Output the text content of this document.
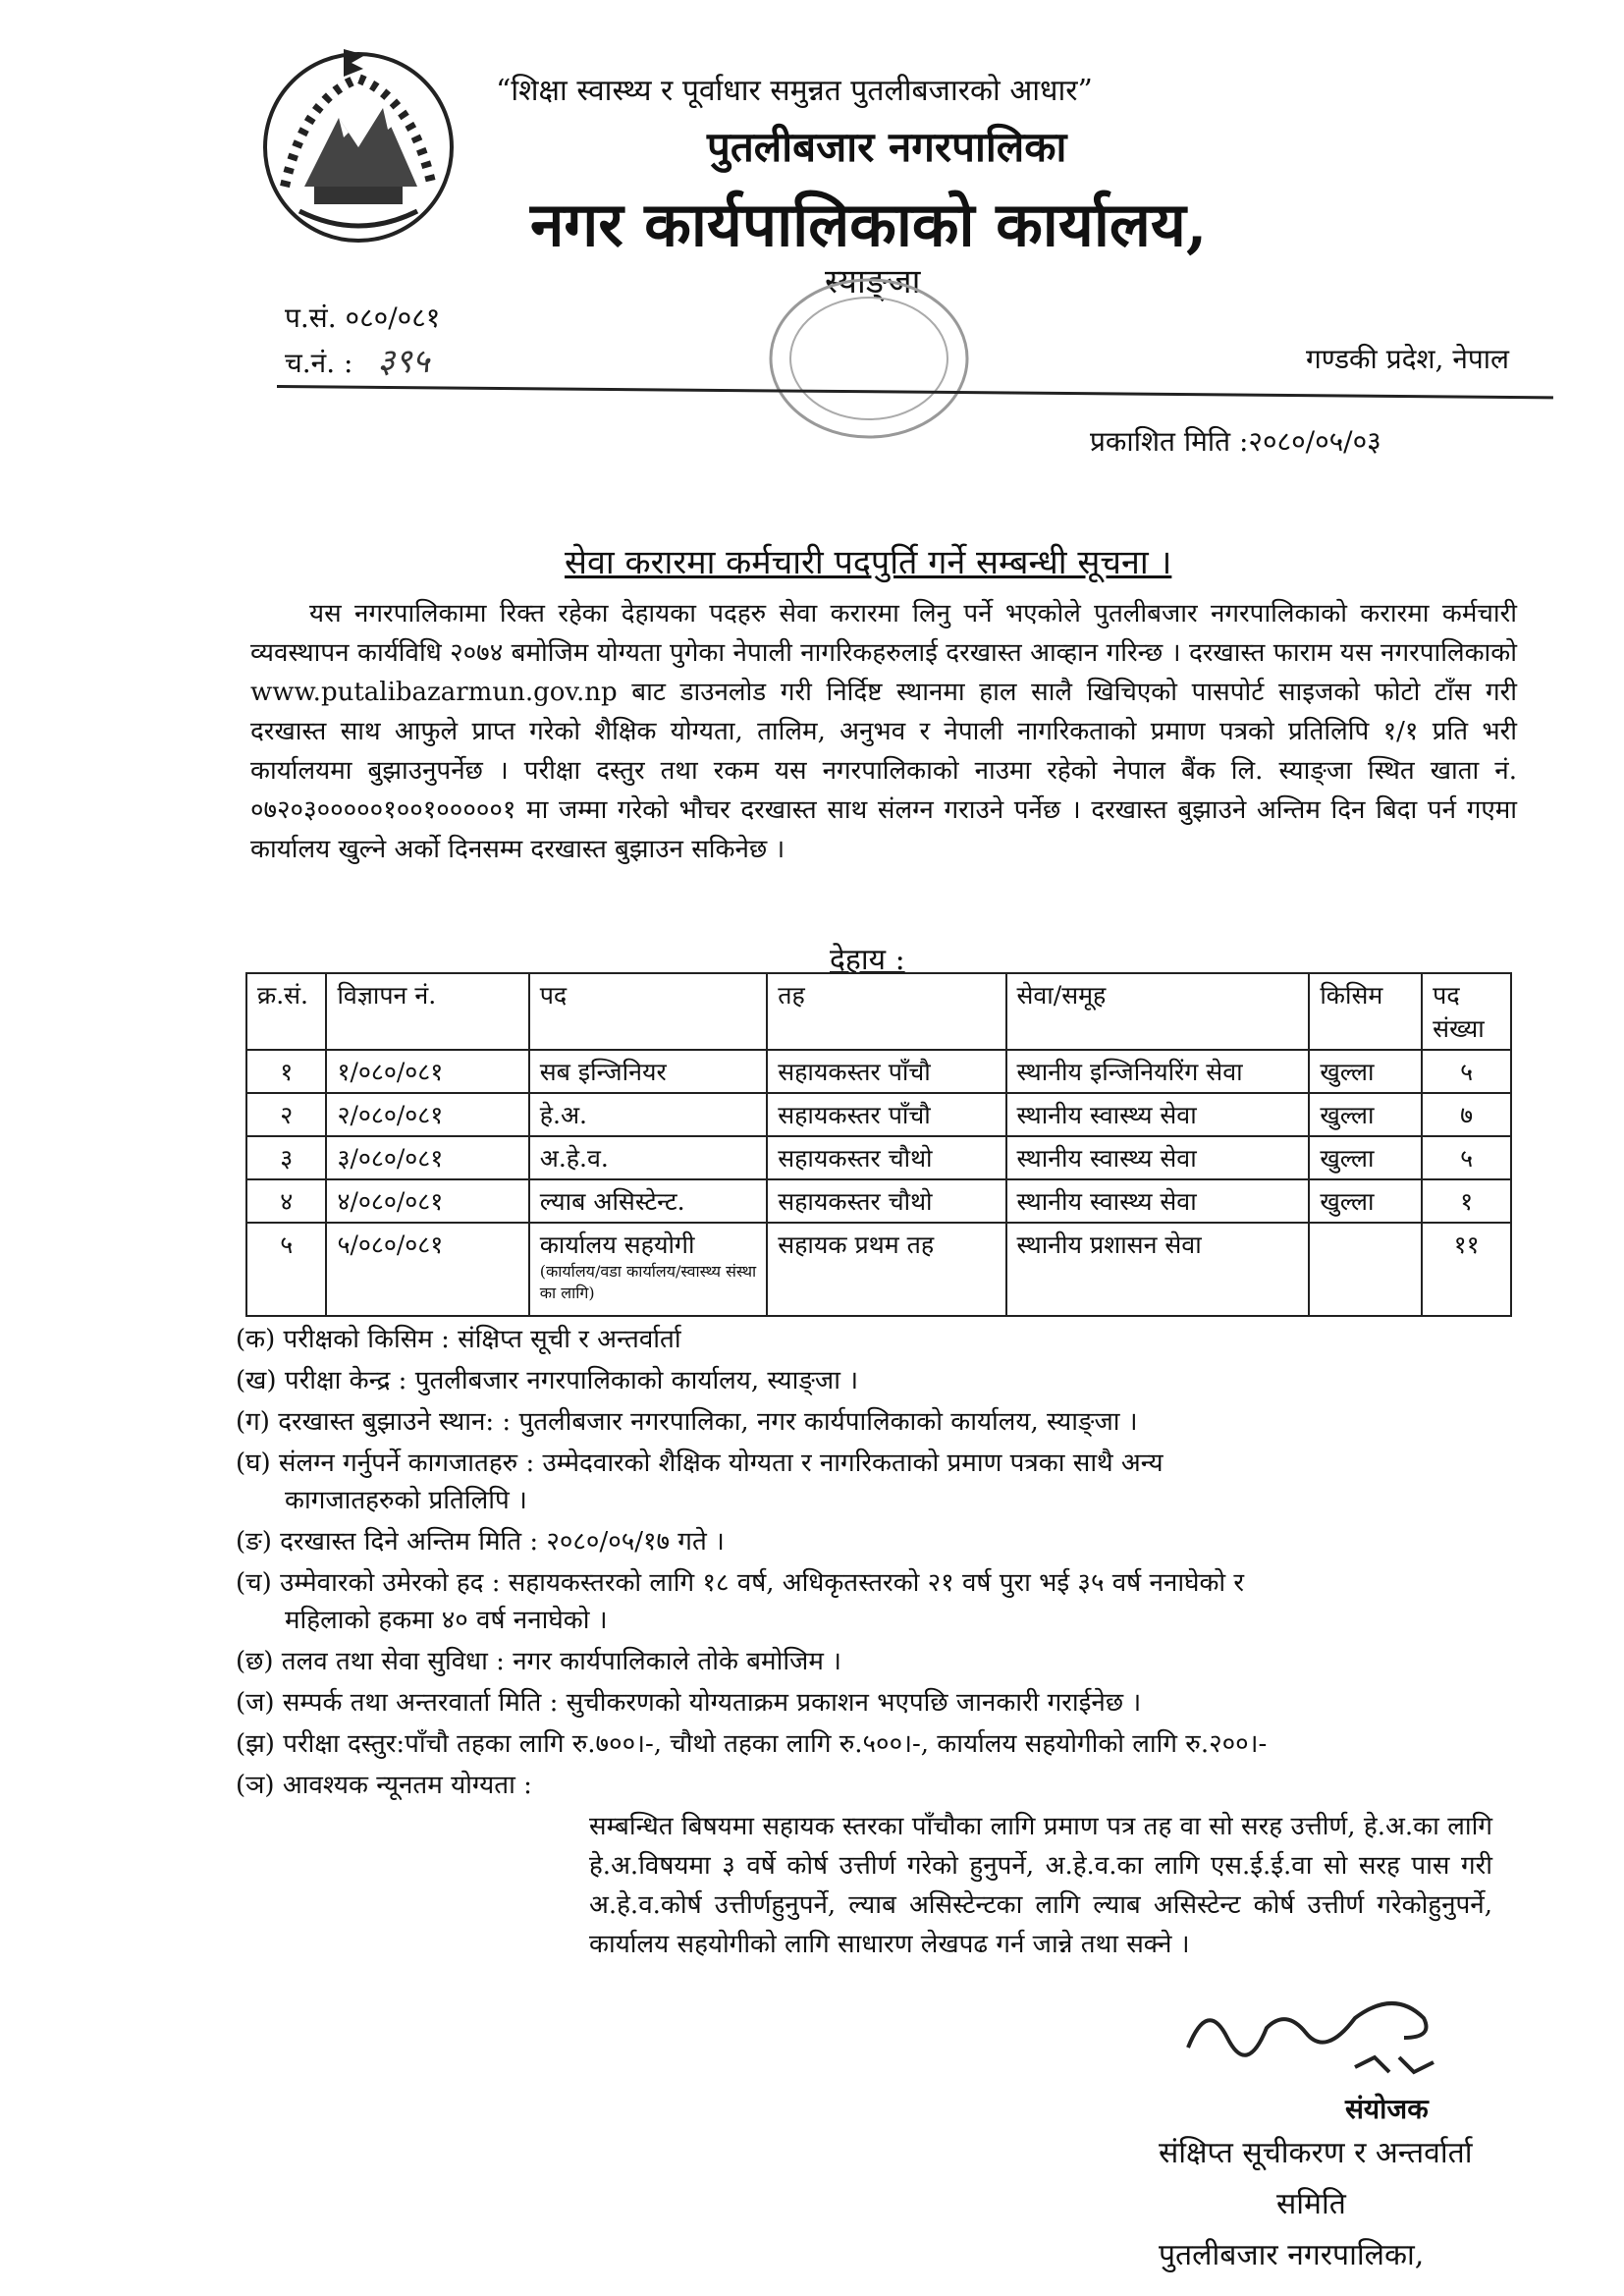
“शिक्षा स्वास्थ्य र पूर्वाधार समुन्नत पुतलीबजारको आधार”
पुतलीबजार नगरपालिका
नगर कार्यपालिकाको कार्यालय,
स्याङ्जा
प.सं. ०८०/०८१
च.नं. : ३९५	गण्डकी प्रदेश, नेपाल
प्रकाशित मिति :२०८०/०५/०३
सेवा करारमा कर्मचारी पदपुर्ति गर्ने सम्बन्धी सूचना ।
यस नगरपालिकामा रिक्त रहेका देहायका पदहरु सेवा करारमा लिनु पर्ने भएकोले पुतलीबजार नगरपालिकाको करारमा कर्मचारी व्यवस्थापन कार्यविधि २०७४ बमोजिम योग्यता पुगेका नेपाली नागरिकहरुलाई दरखास्त आव्हान गरिन्छ । दरखास्त फाराम यस नगरपालिकाको www.putalibazarmun.gov.np बाट डाउनलोड गरी निर्दिष्ट स्थानमा हाल सालै खिचिएको पासपोर्ट साइजको फोटो टाँस गरी दरखास्त साथ आफुले प्राप्त गरेको शैक्षिक योग्यता, तालिम, अनुभव र नेपाली नागरिकताको प्रमाण पत्रको प्रतिलिपि १/१ प्रति भरी कार्यालयमा बुझाउनुपर्नेछ । परीक्षा दस्तुर तथा रकम यस नगरपालिकाको नाउमा रहेको नेपाल बैंक लि. स्याङ्जा स्थित खाता नं. ०७२०३०००००१००१०००००१ मा जम्मा गरेको भौचर दरखास्त साथ संलग्न गराउने पर्नेछ । दरखास्त बुझाउने अन्तिम दिन बिदा पर्न गएमा कार्यालय खुल्ने अर्को दिनसम्म दरखास्त बुझाउन सकिनेछ ।
देहाय :
क्र.सं.	विज्ञापन नं.	पद	तह	सेवा/समूह	किसिम	पद संख्या
१	१/०८०/०८१	सब इन्जिनियर	सहायकस्तर पाँचौ	स्थानीय इन्जिनियरिंग सेवा	खुल्ला	५
२	२/०८०/०८१	हे.अ.	सहायकस्तर पाँचौ	स्थानीय स्वास्थ्य सेवा	खुल्ला	७
३	३/०८०/०८१	अ.हे.व.	सहायकस्तर चौथो	स्थानीय स्वास्थ्य सेवा	खुल्ला	५
४	४/०८०/०८१	ल्याब असिस्टेन्ट.	सहायकस्तर चौथो	स्थानीय स्वास्थ्य सेवा	खुल्ला	१
५	५/०८०/०८१	कार्यालय सहयोगी
(कार्यालय/वडा कार्यालय/स्वास्थ्य संस्था का लागि)	सहायक प्रथम तह	स्थानीय प्रशासन सेवा		११
(क) परीक्षको किसिम : संक्षिप्त सूची र अन्तर्वार्ता
(ख) परीक्षा केन्द्र : पुतलीबजार नगरपालिकाको कार्यालय, स्याङ्जा ।
(ग) दरखास्त बुझाउने स्थान: : पुतलीबजार नगरपालिका, नगर कार्यपालिकाको कार्यालय, स्याङ्जा ।
(घ) संलग्न गर्नुपर्ने कागजातहरु : उम्मेदवारको शैक्षिक योग्यता र नागरिकताको प्रमाण पत्रका साथै अन्य
कागजातहरुको प्रतिलिपि ।
(ङ) दरखास्त दिने अन्तिम मिति : २०८०/०५/१७ गते ।
(च) उम्मेवारको उमेरको हद : सहायकस्तरको लागि १८ वर्ष, अधिकृतस्तरको २१ वर्ष पुरा भई ३५ वर्ष ननाघेको र
महिलाको हकमा ४० वर्ष ननाघेको ।
(छ) तलव तथा सेवा सुविधा : नगर कार्यपालिकाले तोके बमोजिम ।
(ज) सम्पर्क तथा अन्तरवार्ता मिति : सुचीकरणको योग्यताक्रम प्रकाशन भएपछि जानकारी गराईनेछ ।
(झ) परीक्षा दस्तुर:पाँचौ तहका लागि रु.७००।-, चौथो तहका लागि रु.५००।-, कार्यालय सहयोगीको लागि रु.२००।-
(ञ) आवश्यक न्यूनतम योग्यता :
सम्बन्धित बिषयमा सहायक स्तरका पाँचौका लागि प्रमाण पत्र तह वा सो सरह उत्तीर्ण, हे.अ.का लागि हे.अ.विषयमा ३ वर्षे कोर्ष उत्तीर्ण गरेको हुनुपर्ने, अ.हे.व.का लागि एस.ई.ई.वा सो सरह पास गरी अ.हे.व.कोर्ष उत्तीर्णहुनुपर्ने, ल्याब असिस्टेन्टका लागि ल्याब असिस्टेन्ट कोर्ष उत्तीर्ण गरेकोहुनुपर्ने, कार्यालय सहयोगीको लागि साधारण लेखपढ गर्न जान्ने तथा सक्ने ।
संयोजक
संक्षिप्त सूचीकरण र अन्तर्वार्ता
समिति
पुतलीबजार नगरपालिका,
